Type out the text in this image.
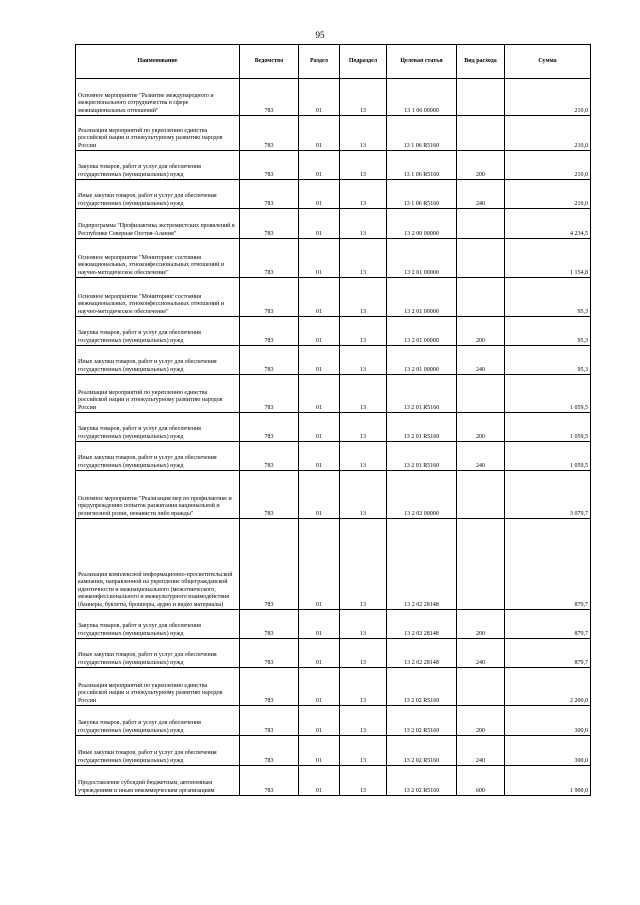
95
Наименование	Ведомство	Раздел	Подраздел	Целевая статья	Вид расхода	Сумма
Основное мероприятие "Развитие международного и межрегионального сотрудничества в сфере межнациональных отношений"	783	01	13	13 1 06 00000		210,0
Реализация мероприятий по укреплению единства российской нации и этнокультурному развитию народов России	783	01	13	13 1 06 R5160		210,0
Закупка товаров, работ и услуг для обеспечения государственных (муниципальных) нужд	783	01	13	13 1 06 R5160	200	210,0
Иные закупки товаров, работ и услуг для обеспечения государственных (муниципальных) нужд	783	01	13	13 1 06 R5160	240	210,0
Подпрограмма "Профилактика экстремистских проявлений в Республике Северная Осетия-Алания"	783	01	13	13 2 00 00000		4 234,5
Основное мероприятие "Мониторинг состояния межнациональных, этноконфессиональных отношений и научно-методическое обеспечение"	783	01	13	13 2 01 00000		1 154,8
Основное мероприятие "Мониторинг состояния межнациональных, этноконфессиональных отношений и научно-методическое обеспечение"	783	01	13	13 2 01 00000		95,3
Закупка товаров, работ и услуг для обеспечения государственных (муниципальных) нужд	783	01	13	13 2 01 00000	200	95,3
Иные закупки товаров, работ и услуг для обеспечения государственных (муниципальных) нужд	783	01	13	13 2 01 00000	240	95,3
Реализация мероприятий по укреплению единства российской нации и этнокультурному развитию народов России	783	01	13	13 2 01 R5160		1 059,5
Закупка товаров, работ и услуг для обеспечения государственных (муниципальных) нужд	783	01	13	13 2 01 R5160	200	1 059,5
Иные закупки товаров, работ и услуг для обеспечения государственных (муниципальных) нужд	783	01	13	13 2 01 R5160	240	1 059,5
Основное мероприятие "Реализация мер по профилактике и предупреждению попыток разжигания национальной и религиозной розни, ненависти либо вражды"	783	01	13	13 2 02 00000		3 079,7
Реализация комплексной информационно-просветительской кампании, направленной на укрепление общегражданской идентичности и межнационального (межэтнического, межконфессионального и межкультурного взаимодействия (баннеры, буклеты, брошюры, аудио и видео материалы)	783	01	13	13 2 02 28148		879,7
Закупка товаров, работ и услуг для обеспечения государственных (муниципальных) нужд	783	01	13	13 2 02 28148	200	879,7
Иные закупки товаров, работ и услуг для обеспечения государственных (муниципальных) нужд	783	01	13	13 2 02 28148	240	879,7
Реализация мероприятий по укреплению единства российской нации и этнокультурному развитию народов России	783	01	13	13 2 02 R5160		2 200,0
Закупка товаров, работ и услуг для обеспечения государственных (муниципальных) нужд	783	01	13	13 2 02 R5160	200	300,0
Иные закупки товаров, работ и услуг для обеспечения государственных (муниципальных) нужд	783	01	13	13 2 02 R5160	240	300,0
Предоставление субсидий бюджетным, автономным учреждениям и иным некоммерческим организациям	783	01	13	13 2 02 R5160	600	1 900,0
